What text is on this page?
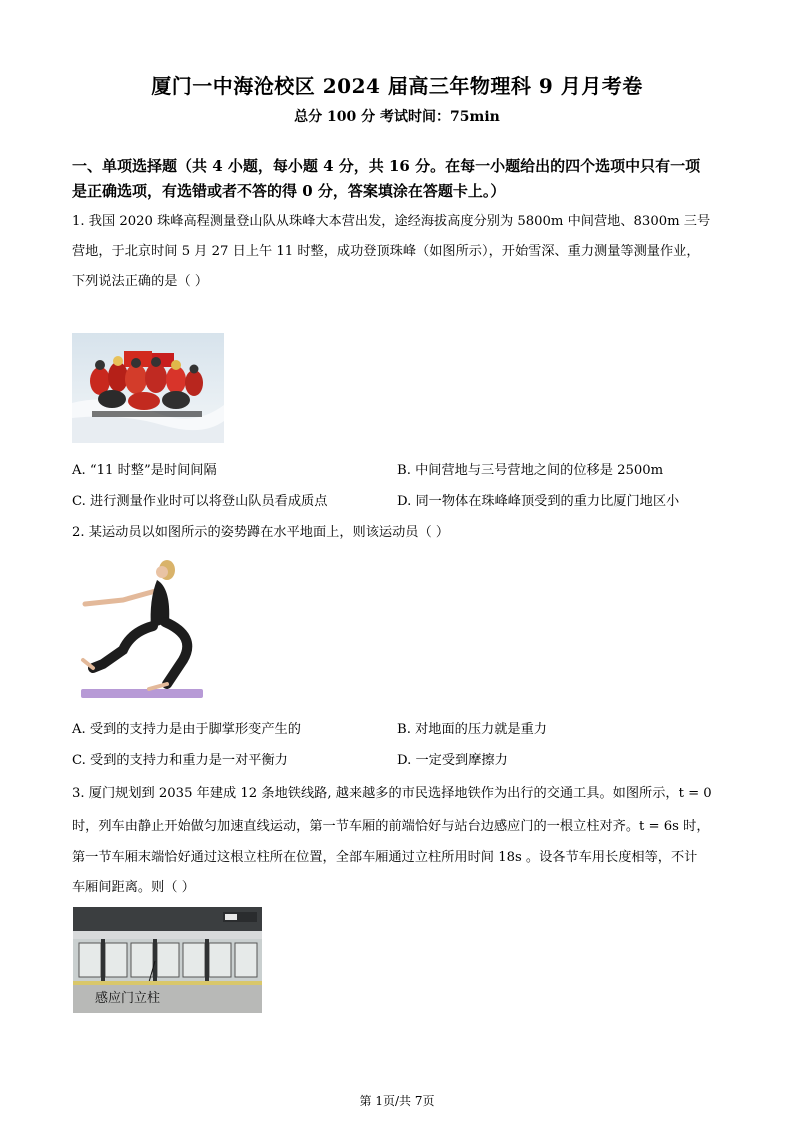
厦门一中海沧校区 2024 届高三年物理科 9 月月考卷
总分 100 分 考试时间：75min
一、单项选择题（共 4 小题，每小题 4 分，共 16 分。在每一小题给出的四个选项中只有一项
是正确选项，有选错或者不答的得 0 分，答案填涂在答题卡上。）
1. 我国 2020 珠峰高程测量登山队从珠峰大本营出发，途经海拔高度分别为 5800m 中间营地、8300m 三号
营地，于北京时间 5 月 27 日上午 11 时整，成功登顶珠峰（如图所示），开始雪深、重力测量等测量作业，
下列说法正确的是（ ）
A. “11 时整”是时间间隔	B. 中间营地与三号营地之间的位移是 2500m
C. 进行测量作业时可以将登山队员看成质点	D. 同一物体在珠峰峰顶受到的重力比厦门地区小
2. 某运动员以如图所示的姿势蹲在水平地面上，则该运动员（ ）
A. 受到的支持力是由于脚掌形变产生的	B. 对地面的压力就是重力
C. 受到的支持力和重力是一对平衡力	D. 一定受到摩擦力
3. 厦门规划到 2035 年建成 12 条地铁线路, 越来越多的市民选择地铁作为出行的交通工具。如图所示，t = 0
时，列车由静止开始做匀加速直线运动，第一节车厢的前端恰好与站台边感应门的一根立柱对齐。t = 6s 时，
第一节车厢末端恰好通过这根立柱所在位置，全部车厢通过立柱所用时间 18s 。设各节车用长度相等，不计
车厢间距离。则（ ）
感应门立柱
第 1页/共 7页
